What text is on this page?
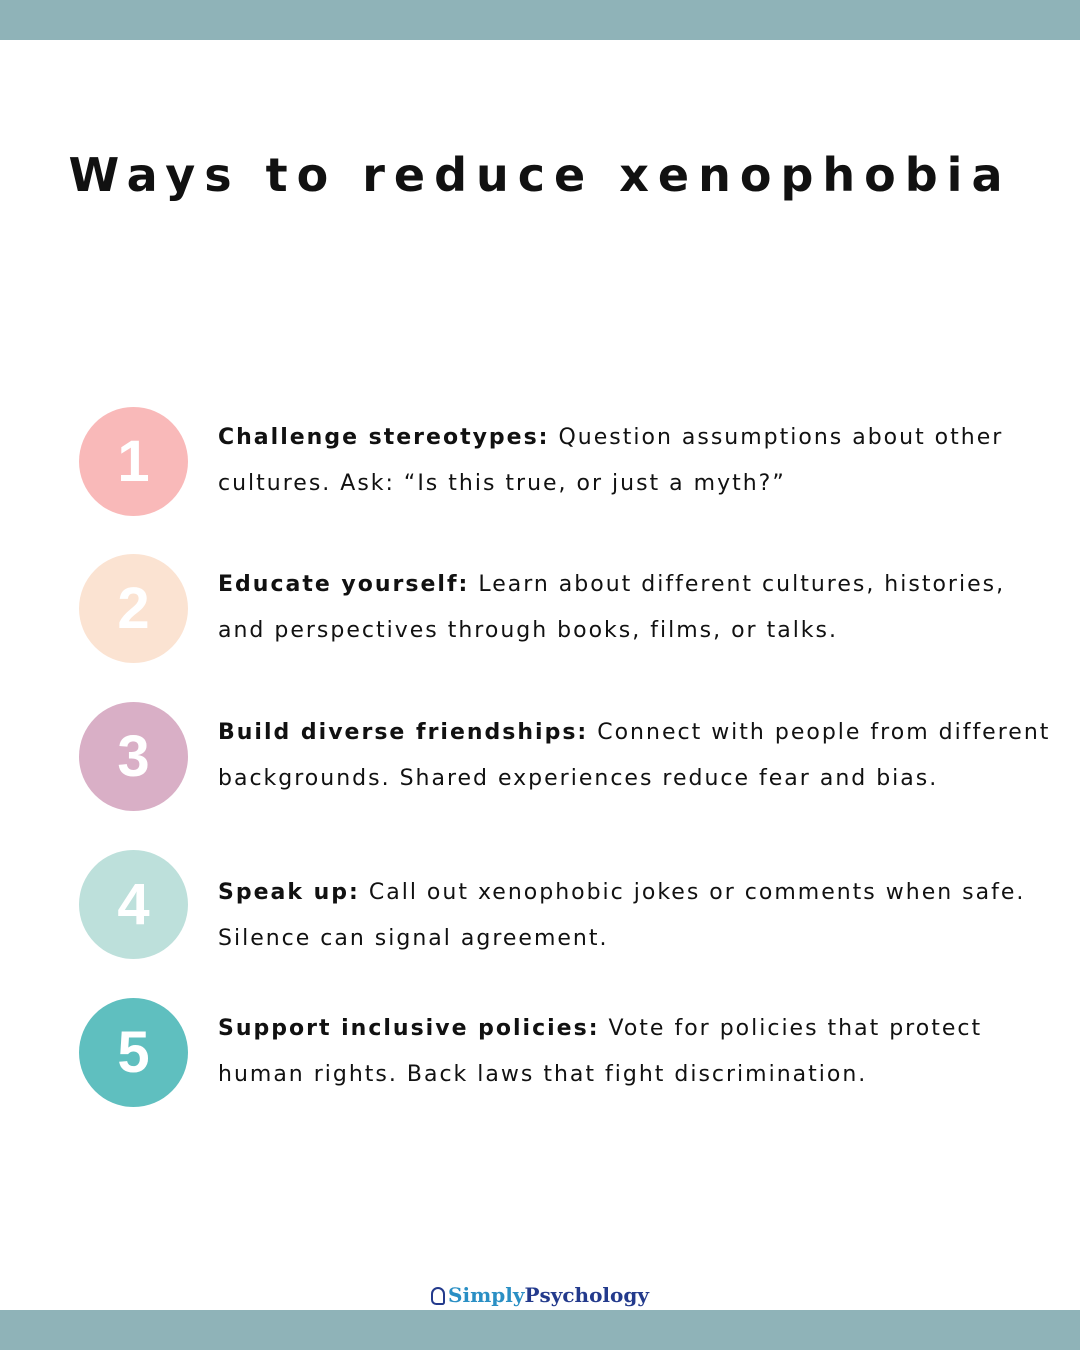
Ways to reduce xenophobia
1	Challenge stereotypes: Question assumptions about other cultures. Ask: “Is this true, or just a myth?”
2	Educate yourself: Learn about different cultures, histories, and perspectives through books, films, or talks.
3	Build diverse friendships: Connect with people from different backgrounds. Shared experiences reduce fear and bias.
4	Speak up: Call out xenophobic jokes or comments when safe. Silence can signal agreement.
5	Support inclusive policies: Vote for policies that protect human rights. Back laws that fight discrimination.
SimplyPsychology
